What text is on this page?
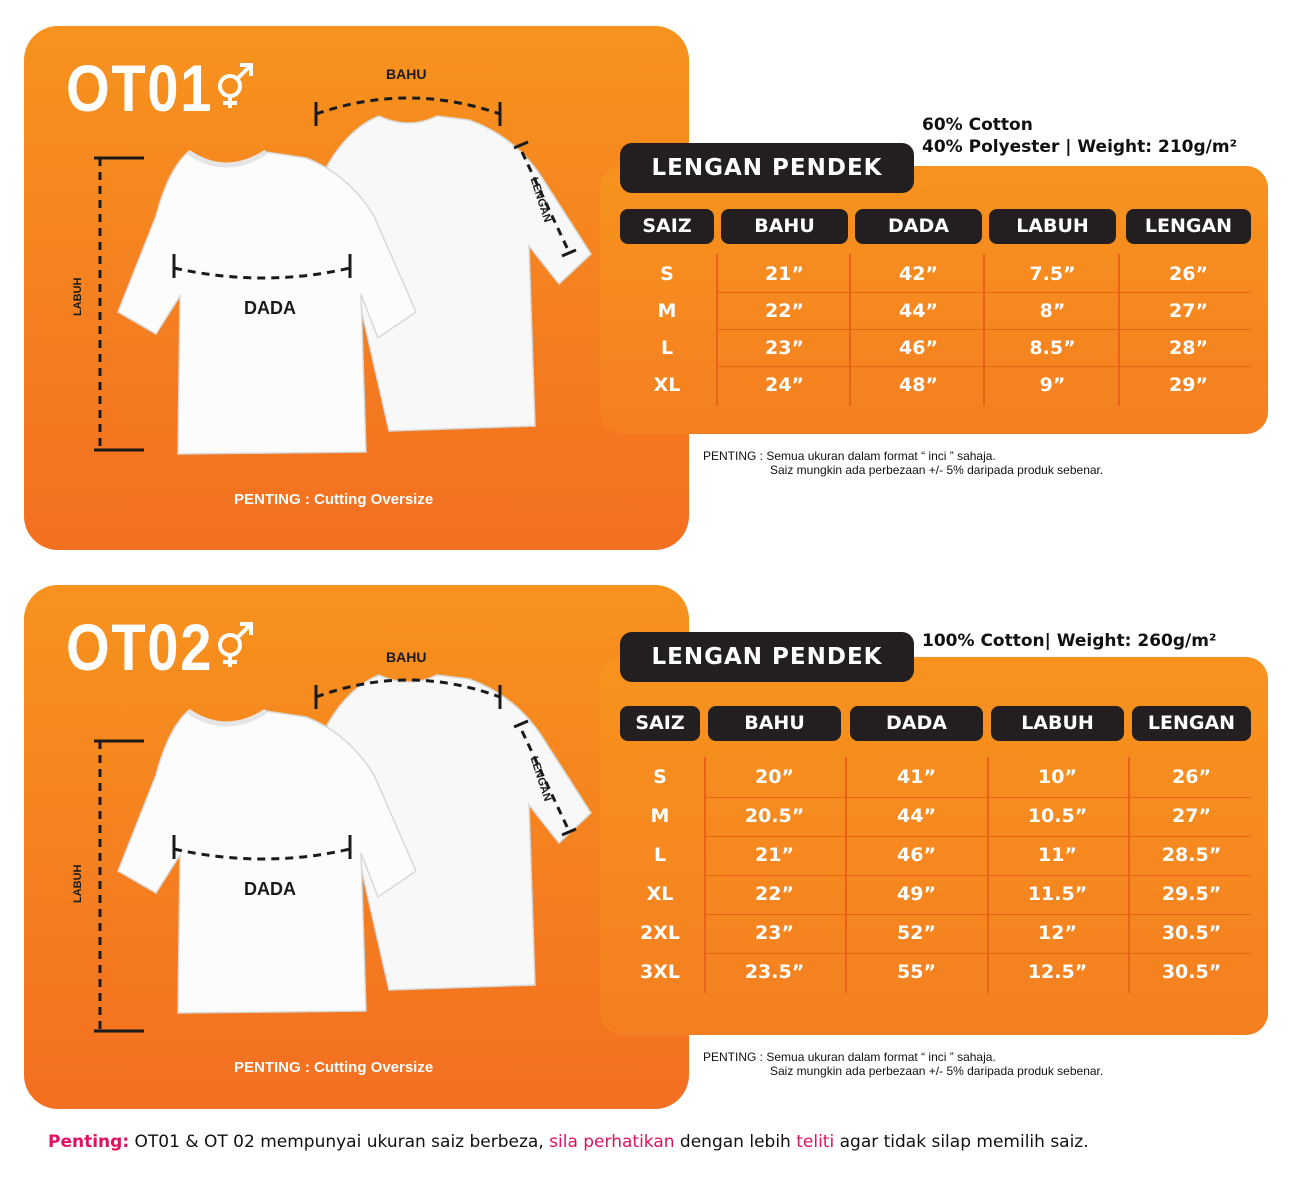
OT01	BAHU
LENGAN
DADA
LABUH
PENTING : Cutting Oversize
60% Cotton
40% Polyester | Weight: 210g/m²
LENGAN PENDEK
SAIZ	BAHU	DADA	LABUH	LENGAN
S	21”	42”	7.5”	26”
M	22”	44”	8”	27”
L	23”	46”	8.5”	28”
XL	24”	48”	9”	29”
PENTING : Semua ukuran dalam format “ inci ” sahaja.
Saiz mungkin ada perbezaan +/- 5% daripada produk sebenar.
OT02	BAHU
LENGAN
DADA
LABUH
PENTING : Cutting Oversize
100% Cotton| Weight: 260g/m²
LENGAN PENDEK
SAIZ	BAHU	DADA	LABUH	LENGAN
S	20”	41”	10”	26”
M	20.5”	44”	10.5”	27”
L	21”	46”	11”	28.5”
XL	22”	49”	11.5”	29.5”
2XL	23”	52”	12”	30.5”
3XL	23.5”	55”	12.5”	30.5”
PENTING : Semua ukuran dalam format “ inci ” sahaja.
Saiz mungkin ada perbezaan +/- 5% daripada produk sebenar.
Penting: OT01 & OT 02 mempunyai ukuran saiz berbeza, sila perhatikan dengan lebih teliti agar tidak silap memilih saiz.
